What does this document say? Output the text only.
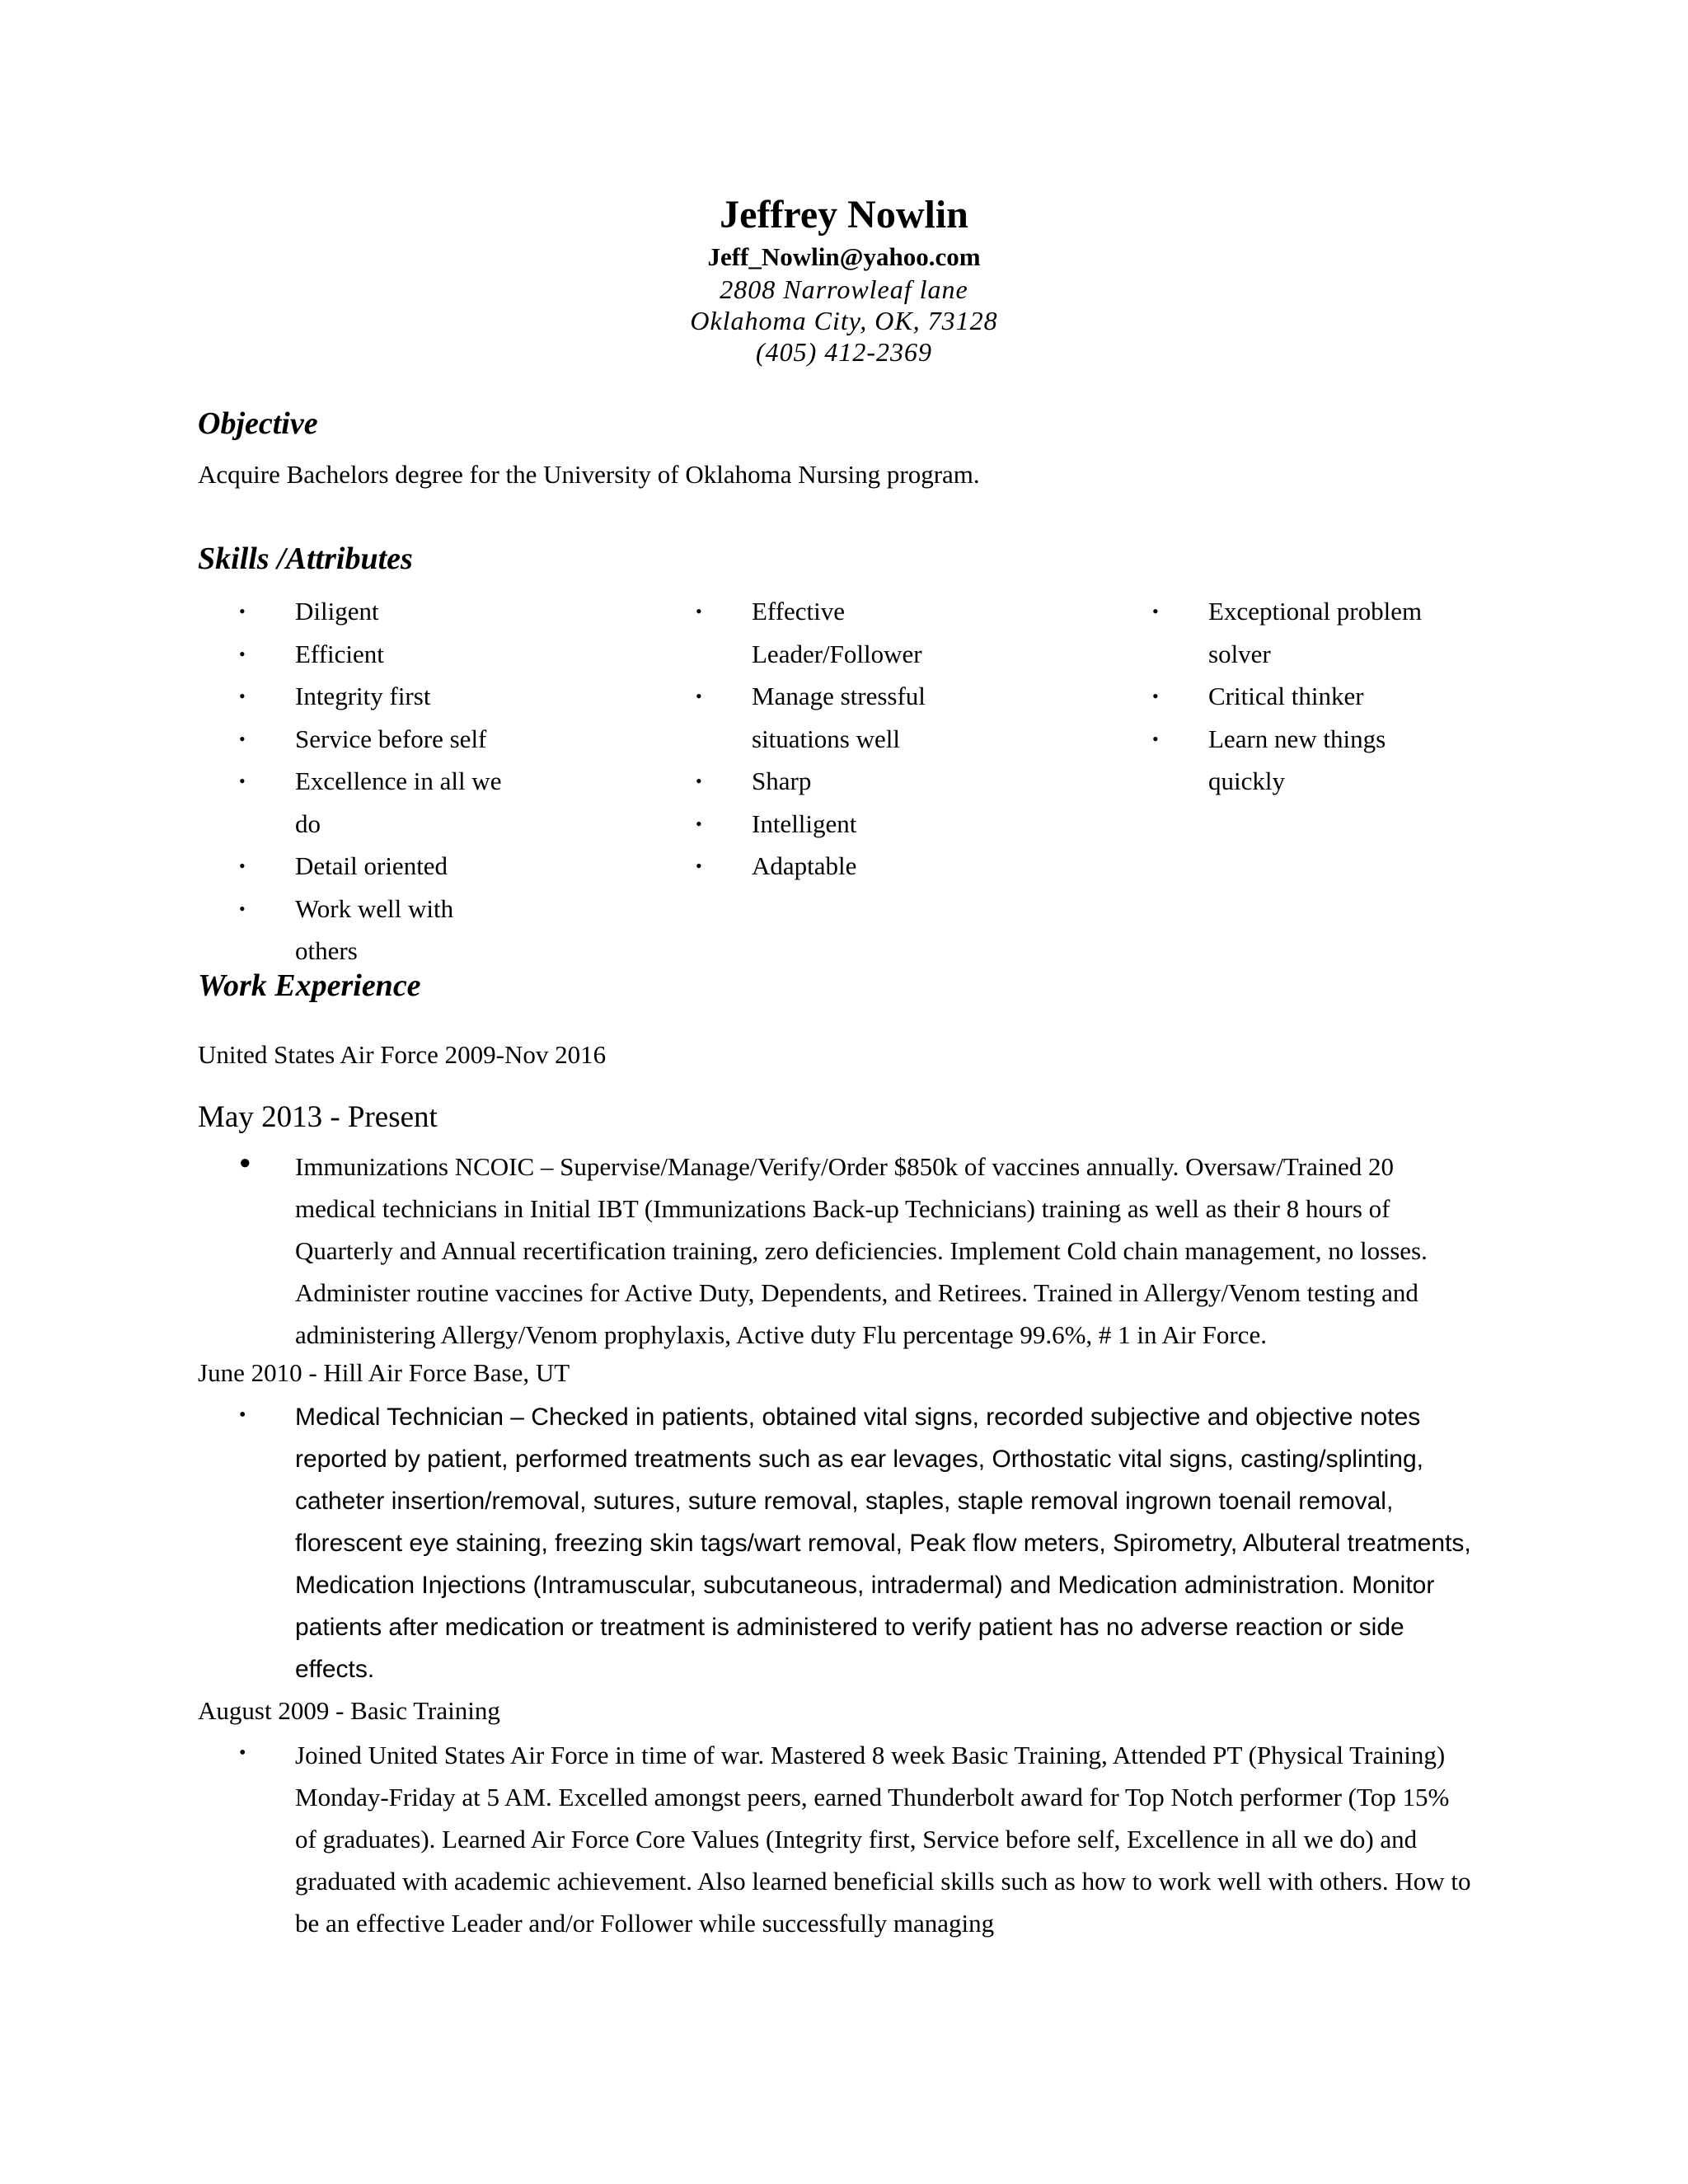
Jeffrey Nowlin
Jeff_Nowlin@yahoo.com
2808 Narrowleaf lane
Oklahoma City, OK, 73128
(405) 412-2369
Objective
Acquire Bachelors degree for the University of Oklahoma Nursing program.
Skills /Attributes
• Diligent
• Efficient
• Integrity first
• Service before self
• Excellence in all we do
• Detail oriented
• Work well with others
• Effective
Leader/Follower
• Manage stressful
situations well
• Sharp
• Intelligent
• Adaptable
• Exceptional problem
solver
• Critical thinker
• Learn new things
quickly
Work Experience
United States Air Force 2009-Nov 2016
May 2013 - Present
● Immunizations NCOIC – Supervise/Manage/Verify/Order $850k of vaccines annually. Oversaw/Trained 20 medical technicians in Initial IBT (Immunizations Back-up Technicians) training as well as their 8 hours of Quarterly and Annual recertification training, zero deficiencies. Implement Cold chain management, no losses. Administer routine vaccines for Active Duty, Dependents, and Retirees. Trained in Allergy/Venom testing and administering Allergy/Venom prophylaxis, Active duty Flu percentage 99.6%, # 1 in Air Force.
June 2010 - Hill Air Force Base, UT
• Medical Technician – Checked in patients, obtained vital signs, recorded subjective and objective notes reported by patient, performed treatments such as ear levages, Orthostatic vital signs, casting/splinting, catheter insertion/removal, sutures, suture removal, staples, staple removal ingrown toenail removal, florescent eye staining, freezing skin tags/wart removal, Peak flow meters, Spirometry, Albuteral treatments, Medication Injections (Intramuscular, subcutaneous, intradermal) and Medication administration. Monitor patients after medication or treatment is administered to verify patient has no adverse reaction or side effects.
August 2009 - Basic Training
• Joined United States Air Force in time of war. Mastered 8 week Basic Training, Attended PT (Physical Training) Monday-Friday at 5 AM. Excelled amongst peers, earned Thunderbolt award for Top Notch performer (Top 15% of graduates). Learned Air Force Core Values (Integrity first, Service before self, Excellence in all we do) and graduated with academic achievement. Also learned beneficial skills such as how to work well with others. How to be an effective Leader and/or Follower while successfully managing
